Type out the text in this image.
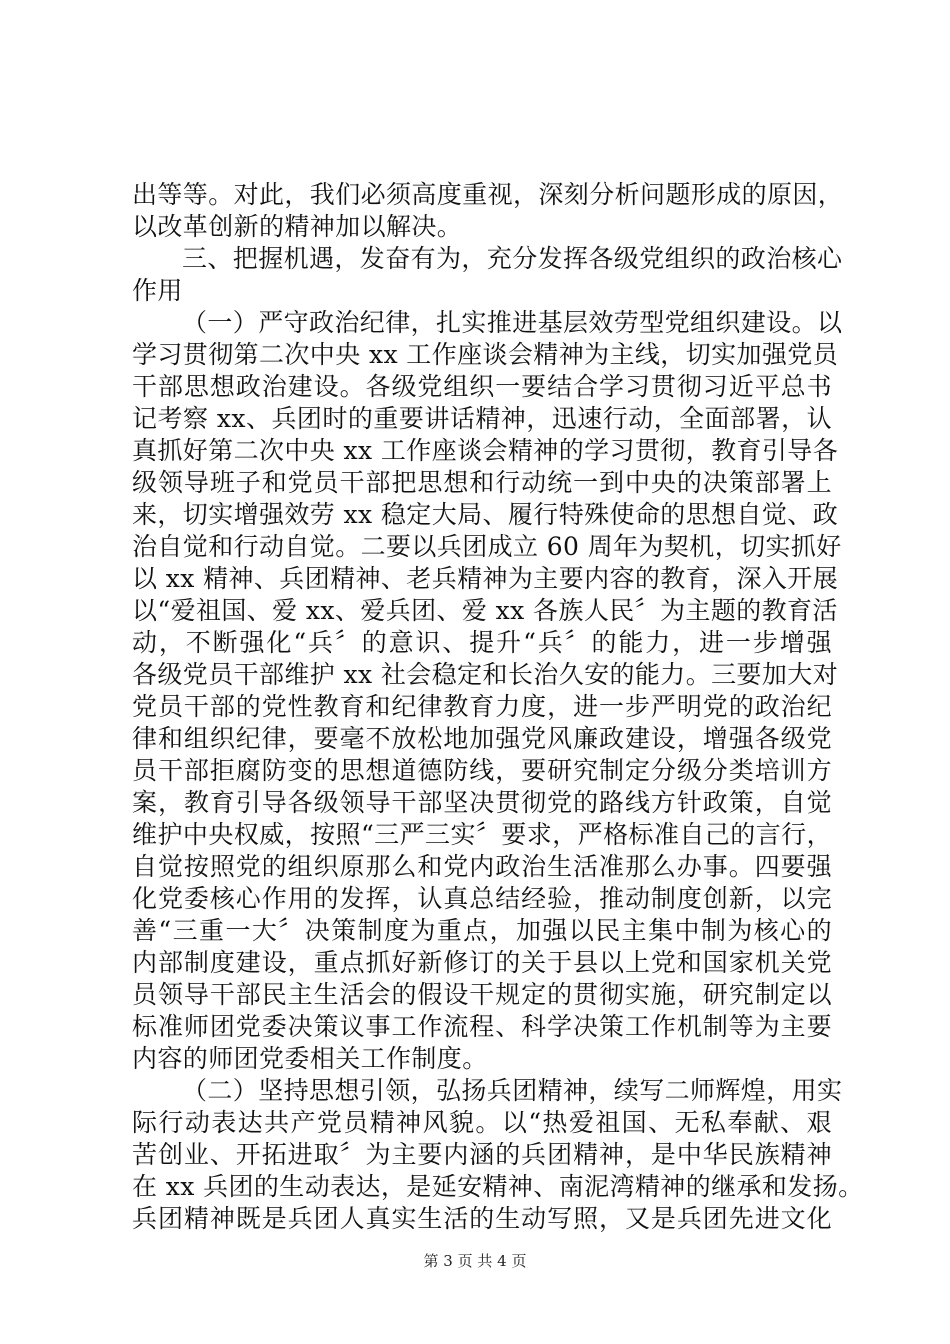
出等等。对此，我们必须高度重视，深刻分析问题形成的原因，
以改革创新的精神加以解决。
三、把握机遇，发奋有为，充分发挥各级党组织的政治核心
作用
（一）严守政治纪律，扎实推进基层效劳型党组织建设。以
学习贯彻第二次中央 xx 工作座谈会精神为主线，切实加强党员
干部思想政治建设。各级党组织一要结合学习贯彻习近平总书
记考察 xx、兵团时的重要讲话精神，迅速行动，全面部署，认
真抓好第二次中央 xx 工作座谈会精神的学习贯彻，教育引导各
级领导班子和党员干部把思想和行动统一到中央的决策部署上
来，切实增强效劳 xx 稳定大局、履行特殊使命的思想自觉、政
治自觉和行动自觉。二要以兵团成立 60 周年为契机，切实抓好
以 xx 精神、兵团精神、老兵精神为主要内容的教育，深入开展
以“爱祖国、爱 xx、爱兵团、爱 xx 各族人民〞为主题的教育活
动，不断强化“兵〞的意识、提升“兵〞的能力，进一步增强
各级党员干部维护 xx 社会稳定和长治久安的能力。三要加大对
党员干部的党性教育和纪律教育力度，进一步严明党的政治纪
律和组织纪律，要毫不放松地加强党风廉政建设，增强各级党
员干部拒腐防变的思想道德防线，要研究制定分级分类培训方
案，教育引导各级领导干部坚决贯彻党的路线方针政策，自觉
维护中央权威，按照“三严三实〞要求，严格标准自己的言行，
自觉按照党的组织原那么和党内政治生活准那么办事。四要强
化党委核心作用的发挥，认真总结经验，推动制度创新，以完
善“三重一大〞决策制度为重点，加强以民主集中制为核心的
内部制度建设，重点抓好新修订的关于县以上党和国家机关党
员领导干部民主生活会的假设干规定的贯彻实施，研究制定以
标准师团党委决策议事工作流程、科学决策工作机制等为主要
内容的师团党委相关工作制度。
（二）坚持思想引领，弘扬兵团精神，续写二师辉煌，用实
际行动表达共产党员精神风貌。以“热爱祖国、无私奉献、艰
苦创业、开拓进取〞为主要内涵的兵团精神，是中华民族精神
在 xx 兵团的生动表达，是延安精神、南泥湾精神的继承和发扬。
兵团精神既是兵团人真实生活的生动写照，又是兵团先进文化
第 3 页 共 4 页
